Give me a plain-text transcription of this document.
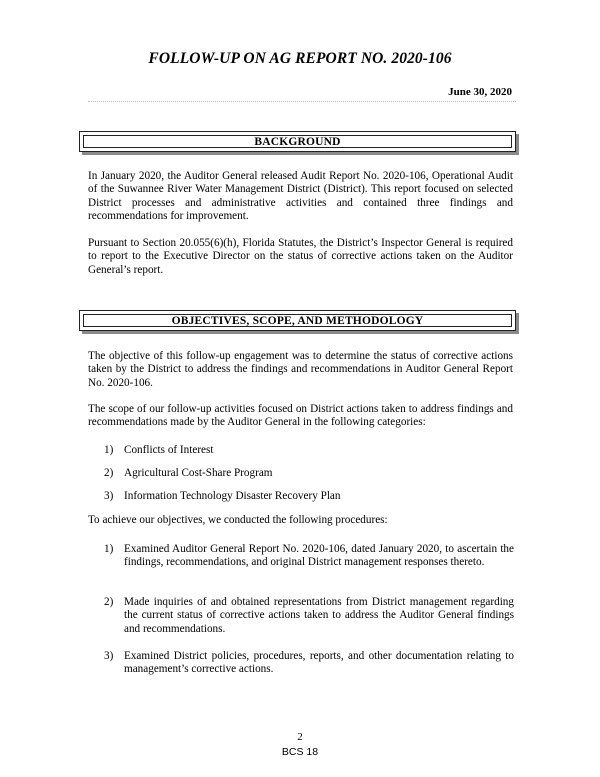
FOLLOW-UP ON AG REPORT NO. 2020-106
June 30, 2020
BACKGROUND
In January 2020, the Auditor General released Audit Report No. 2020-106, Operational Audit of the Suwannee River Water Management District (District). This report focused on selected District processes and administrative activities and contained three findings and recommendations for improvement.
Pursuant to Section 20.055(6)(h), Florida Statutes, the District’s Inspector General is required to report to the Executive Director on the status of corrective actions taken on the Auditor General’s report.
OBJECTIVES, SCOPE, AND METHODOLOGY
The objective of this follow-up engagement was to determine the status of corrective actions taken by the District to address the findings and recommendations in Auditor General Report No. 2020-106.
The scope of our follow-up activities focused on District actions taken to address findings and recommendations made by the Auditor General in the following categories:
1) Conflicts of Interest
2) Agricultural Cost-Share Program
3) Information Technology Disaster Recovery Plan
To achieve our objectives, we conducted the following procedures:
1) Examined Auditor General Report No. 2020-106, dated January 2020, to ascertain the findings, recommendations, and original District management responses thereto.
2) Made inquiries of and obtained representations from District management regarding the current status of corrective actions taken to address the Auditor General findings and recommendations.
3) Examined District policies, procedures, reports, and other documentation relating to management’s corrective actions.
2
BCS 18
